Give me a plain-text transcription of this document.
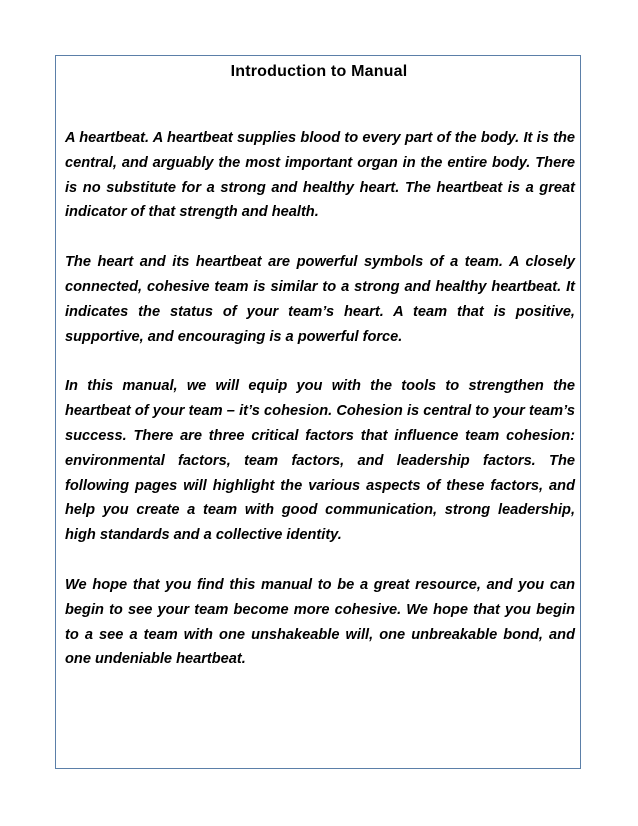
Introduction to Manual

A heartbeat. A heartbeat supplies blood to every part of the body. It is the central, and arguably the most important organ in the entire body. There is no substitute for a strong and healthy heart. The heartbeat is a great indicator of that strength and health.

The heart and its heartbeat are powerful symbols of a team. A closely connected, cohesive team is similar to a strong and healthy heartbeat. It indicates the status of your team’s heart. A team that is positive, supportive, and encouraging is a powerful force.

In this manual, we will equip you with the tools to strengthen the heartbeat of your team – it’s cohesion. Cohesion is central to your team’s success. There are three critical factors that influence team cohesion: environmental factors, team factors, and leadership factors. The following pages will highlight the various aspects of these factors, and help you create a team with good communication, strong leadership, high standards and a collective identity.

We hope that you find this manual to be a great resource, and you can begin to see your team become more cohesive. We hope that you begin to a see a team with one unshakeable will, one unbreakable bond, and one undeniable heartbeat.
